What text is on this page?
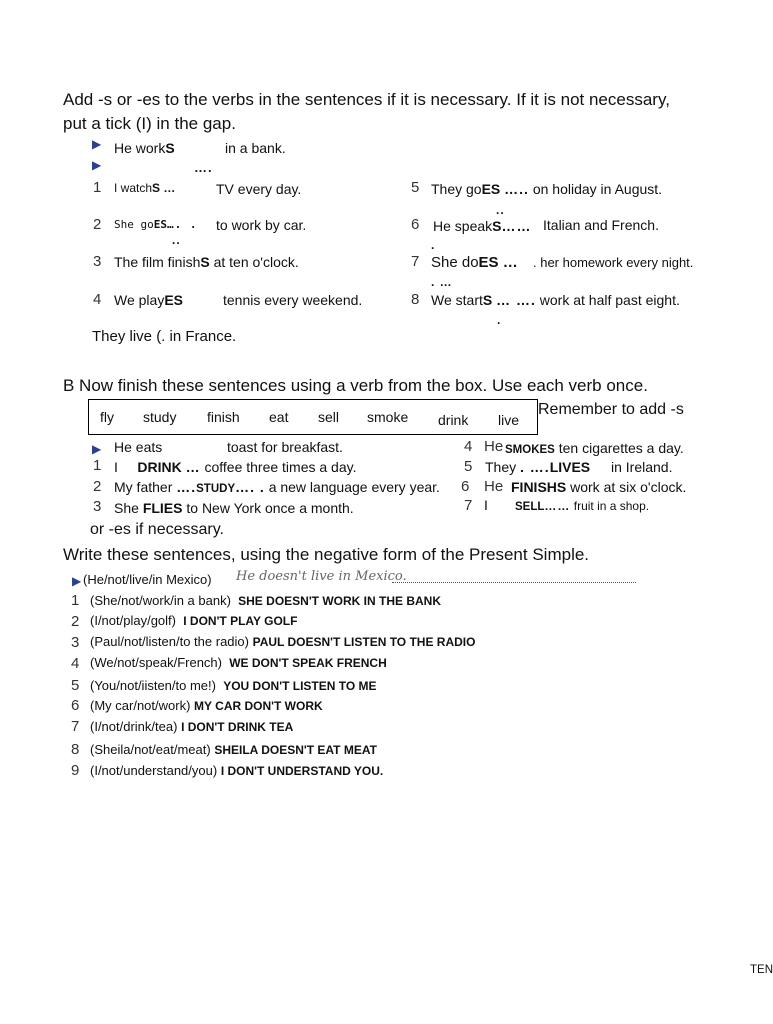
Add -s or -es to the verbs in the sentences if it is necessary. If it is not necessary,
put a tick (I) in the gap.
▶ He workS	in a bank.
▶	….
1 I watchS …	TV every day.
2 She goES…. . to work by car.
..
3 The film finishS at ten o'clock.
4 We playES	tennis every weekend.
5 They goES ….. on holiday in August.
..
6 He speakS…… Italian and French.
.
7 She doES … . her homework every night.
. …
8 We startS … …. work at half past eight.
.
They live (. in France.
B Now finish these sentences using a verb from the box. Use each verb once.
fly study finish eat sell smoke drink live
Remember to add -s
▶ He eats	toast for breakfast.
1 I DRINK … coffee three times a day.
2 My father ….STUDY…. . a new language every year.
3 She FLIES to New York once a month.
4 He SMOKES ten cigarettes a day.
5 They . ….LIVES in Ireland.
6 He FINISHS work at six o'clock.
7 I SELL…… fruit in a shop.
or -es if necessary.
Write these sentences, using the negative form of the Present Simple.
▶ (He/not/live/in Mexico) He doesn't live in Mexico.
1 (She/not/work/in a bank) SHE DOESN'T WORK IN THE BANK
2 (I/not/play/golf) I DON'T PLAY GOLF
3 (Paul/not/listen/to the radio) PAUL DOESN'T LISTEN TO THE RADIO
4 (We/not/speak/French) WE DON'T SPEAK FRENCH
5 (You/not/iisten/to me!) YOU DON'T LISTEN TO ME
6 (My car/not/work) MY CAR DON'T WORK
7 (I/not/drink/tea) I DON'T DRINK TEA
8 (Sheila/not/eat/meat) SHEILA DOESN'T EAT MEAT
9 (I/not/understand/you) I DON'T UNDERSTAND YOU.
TEN
